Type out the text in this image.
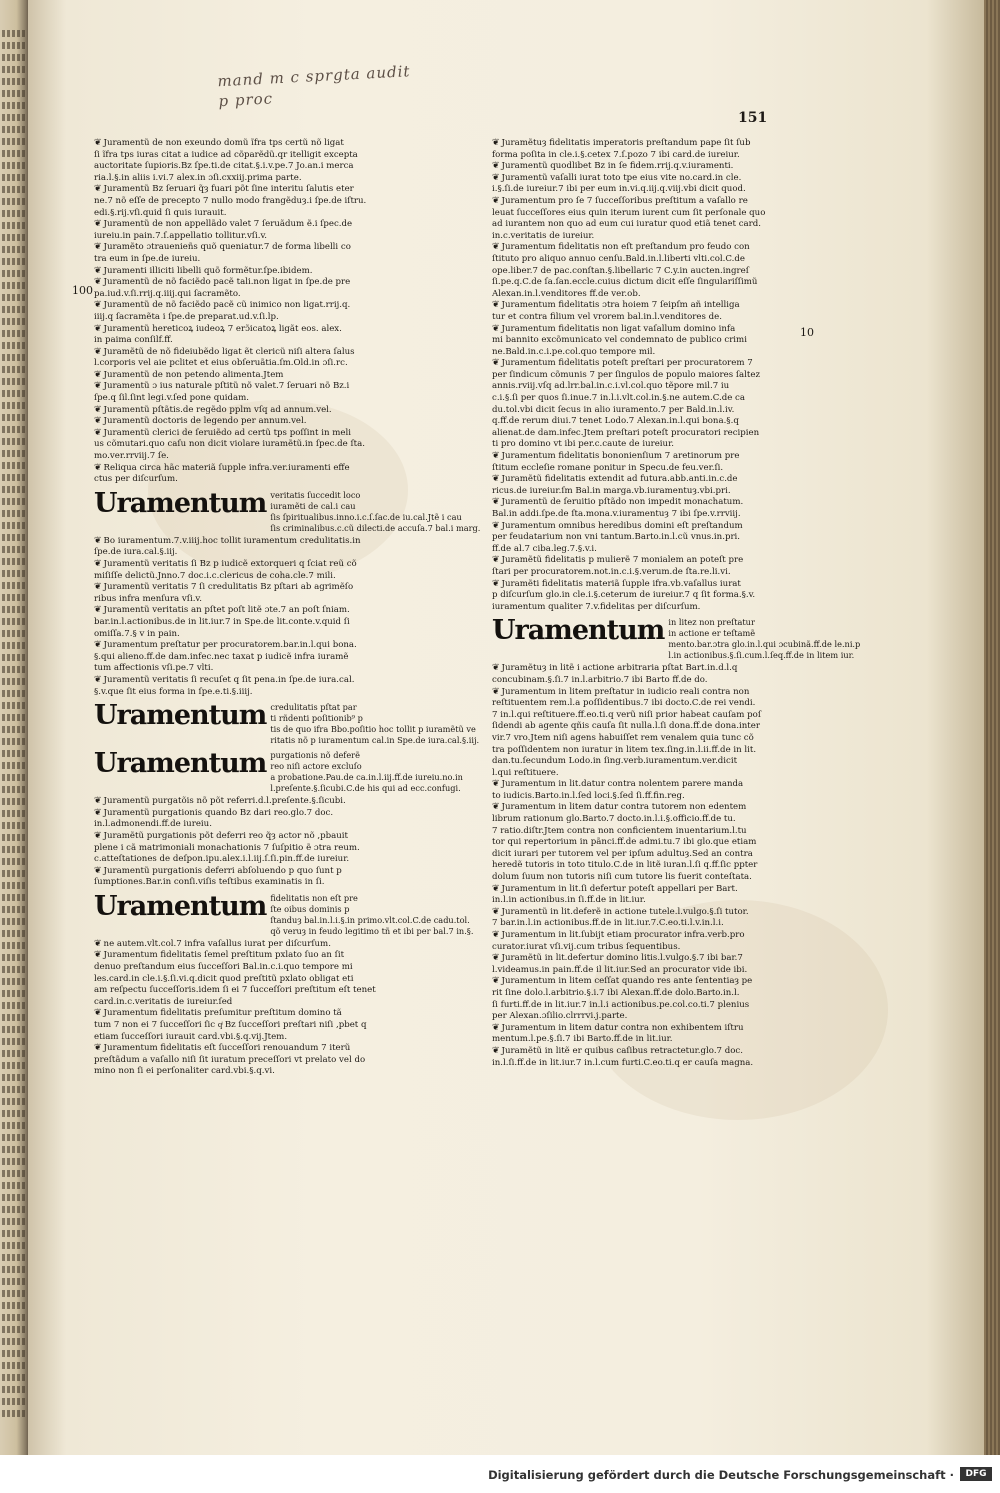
mand m c sprgta audit p proc
151
100
10
❦ Juramentũ de non exeundo domũ ĩfra tps certũ nõ ligat
ſi ĩfra tps iuras citat a iudice ad cõparẽdũ.qr itelligit excepta
auctoritate ſupioris.Bz ſpe.ti.de citat.§.i.v.pe.7 Jo.an.i merca
ria.l.§.in aliis i.vi.7 alex.in ɔſi.cxxiij.prima parte.
❦ Juramentũ Bz ſeruari q̃ȝ fuari põt ſine interitu ſalutis eter
ne.7 nõ eſſe de precepto 7 nullo modo frangẽduȝ.i ſpe.de iſtru.
edi.§.rij.vſi.quid ſi quis iurauit.
❦ Juramentũ de non appellãdo valet 7 ſeruãdum ẽ.i ſpec.de
iureiu.in pain.7.ſ.appellatio tollitur.vſi.v.
❦ Juramẽto ɔtrauenieñs quõ queniatur.7 de forma libelli co
tra eum in ſpe.de iureiu.
❦ Juramenti illiciti libelli quõ formẽtur.ſpe.ibidem.
❦ Juramentũ de nõ faciẽdo pacẽ tali.non ligat in ſpe.de pre
pa.iud.v.ſi.rrij.q.iiij.qui ſacramẽto.
❦ Juramentũ de nõ faciẽdo pacẽ cũ inimico non ligat.rrij.q.
iiij.q ſacramẽta i ſpe.de preparat.ud.v.ſi.lp.
❦ Juramentũ hereticoꝝ iudeoꝝ 7 erɔ̃icatoꝝ ligãt eos. alex.
in paima conſilf.ff.
❦ Juramẽtũ de nõ fideiubẽdo ligat ẽt clericũ niſi altera ſalus
l.corporis vel aie pclitet et eius obſeruãtia.ſm.Old.in ɔſi.rc.
❦ Juramentũ de non petendo alimenta.Jtem
❦ Juramentũ ɔ ius naturale pſtitũ nõ valet.7 ſeruari nõ Bz.i
ſpe.q ſil.ſint legi.v.ſed pone quidam.
❦ Juramentũ pſtãtis.de regẽdo pplm vſq ad annum.vel.
❦ Juramentũ doctoris de legendo per annum.vel.
❦ Juramentũ clerici de ſeruiẽdo ad certũ tps poſſint in meli
us cõmutari.quo caſu non dicit violare iuramẽtũ.in ſpec.de ſta.
mo.ver.rrviij.7 ſe.
❦ Reliqua circa hãc materiã ſupple infra.ver.iuramenti effe
ctus per diſcurſum.
Uramentum veritatis ſuccedit loco
iuramẽti de cal.i cau
ſis ſpiritualibus.inno.i.c.ſ.ſac.de iu.cal.Jtẽ i cau
ſis criminalibus.c.cũ dilecti.de accuſa.7 bal.i marg.
❦ Bo iuramentum.7.v.iiij.hoc tollit iuramentum credulitatis.in
ſpe.de iura.cal.§.iij.
❦ Juramentũ veritatis ſi Bz p iudicẽ extorqueri q ſciat reũ cõ
miſiſſe delictũ.Jnno.7 doc.i.c.clericus de coha.cle.7 mili.
❦ Juramentũ veritatis 7 ſi credulitatis Bz pſtari ab agrimẽſo
ribus infra menſura vſi.v.
❦ Juramentũ veritatis an pſtet poſt litẽ ɔte.7 an poſt ſniam.
bar.in.l.actionibus.de in lit.iur.7 in Spe.de lit.conte.v.quid ſi
omiſſa.7.§ v in pain.
❦ Juramentum preſtatur per procuratorem.bar.in.l.qui bona.
§.qui alieno.ff.de dam.infec.nec taxat p iudicẽ infra iuramẽ
tum affectionis vſi.pe.7 vlti.
❦ Juramentũ veritatis ſi recuſet q ſit pena.in ſpe.de iura.cal.
§.v.que ſit eius forma in ſpe.e.ti.§.iiij.
Uramentum credulitatis pſtat par
ti rñdenti poſitionib⁹ p
tis de quo ifra Bbo.poſitio hoc tollit p iuramẽtũ ve
ritatis nõ p iuramentum cal.in Spe.de iura.cal.§.iij.
Uramentum purgationis nõ deferẽ
reo niſi actore excluſo
a probatione.Pau.de ca.in.l.iij.ff.de iureiu.no.in
l.preſente.§.ſicubi.C.de his qui ad ecc.confugi.
❦ Juramentũ purgatõis nõ põt referri.d.l.preſente.§.ſicubi.
❦ Juramentũ purgationis quando Bz dari reo.glo.7 doc.
in.l.admonendi.ff.de iureiu.
❦ Juramẽtũ purgationis põt deferri reo q̃ȝ actor nõ ,pbauit
plene i cã matrimoniali monachationis 7 ſuſpitio ẽ ɔtra reum.
c.atteſtationes de deſpon.ipu.alex.i.l.iij.ſ.ſi.pin.ff.de iureiur.
❦ Juramentũ purgationis deferri abſoluendo p quo ſunt p
ſumptiones.Bar.in conſi.viſis teſtibus examinatis in ſi.
Uramentum fidelitatis non eſt pre
ſte oibus dominis p
ſtanduȝ bal.in.l.i.§.in primo.vlt.col.C.de cadu.tol.
qõ veruȝ in feudo legitimo tñ et ibi per bal.7 in.§.
❦ ne autem.vlt.col.7 infra vaſallus iurat per diſcurſum.
❦ Juramentum fidelitatis ſemel preſtitum pxlato ſuo an ſit
denuo preſtandum eius ſucceſſori Bal.in.c.i.quo tempore mi
les.card.in cle.i.§.ſi.vi.q.dicit quod preſtitũ pxlato obligat eti
am reſpectu ſucceſſoris.idem ſi ei 7 ſucceſſori preſtitum eſt tenet
card.in.c.veritatis de iureiur.ſed
❦ Juramentum fidelitatis preſumitur preſtitum domino tã
tum 7 non ei 7 ſucceſſori ſic qͥ Bz ſucceſſori preſtari niſi ,pbet q
etiam ſucceſſori iurauit card.vbi.§.q.vij.Jtem.
❦ Juramentum fidelitatis eſt ſucceſſori renouandum 7 iterũ
preſtãdum a vaſallo niſi ſit iuratum preceſſori vt prelato vel do
mino non ſi ei perſonaliter card.vbi.§.q.vi.
❦ Juramẽtuȝ fidelitatis imperatoris preſtandum pape ſit ſub
forma poſita in cle.i.§.cetex 7.ſ.pozo 7 ibi card.de iureiur.
❦ Juramentũ quodlibet Bz in ſe fidem.rrij.q.v.iuramenti.
❦ Juramentũ vaſalli iurat toto tpe eius vite no.card.in cle.
i.§.ſi.de iureiur.7 ibi per eum in.vi.q.iij.q.viij.vbi dicit quod.
❦ Juramentum pro ſe 7 ſucceſſoribus preſtitum a vaſallo re
leuat ſucceſſores eius quin iterum iurent cum ſit perſonale quo
ad iurantem non quo ad eum cui iuratur quod etiã tenet card.
in.c.veritatis de iureiur.
❦ Juramentum fidelitatis non eſt preſtandum pro feudo con
ſtituto pro aliquo annuo cenſu.Bald.in.l.liberti vlti.col.C.de
ope.liber.7 de pac.conſtan.§.libellaric 7 C.y.in aucten.ingreſ
ſi.pe.q.C.de ſa.ſan.eccle.cuius dictum dicit eſſe ſingulariſſimũ
Alexan.in.l.venditores ff.de ver.ob.
❦ Juramentum fidelitatis ɔtra hoiem 7 ſeipſm añ intelliga
tur et contra filium vel vrorem bal.in.l.venditores de.
❦ Juramentum fidelitatis non ligat vaſallum domino infa
mi bannito excõmunicato vel condemnato de publico crimi
ne.Bald.in.c.i.pe.col.quo tempore mil.
❦ Juramentum fidelitatis poteſt preſtari per procuratorem 7
per ſindicum cõmunis 7 per ſingulos de populo maiores ſaltez
annis.rviij.vſq ad.lrr.bal.in.c.i.vl.col.quo tẽpore mil.7 iu
c.i.§.ſi per quos ſi.inue.7 in.l.i.vlt.col.in.§.ne autem.C.de ca
du.tol.vbi dicit ſecus in alio iuramento.7 per Bald.in.l.iv.
q.ff.de rerum diui.7 tenet Lodo.7 Alexan.in.l.qui bona.§.q
alienat.de dam.infec.Jtem preſtari poteſt procuratori recipien
ti pro domino vt ibi per.c.caute de iureiur.
❦ Juramentum fidelitatis bononienſium 7 aretinorum pre
ſtitum eccleſie romane ponitur in Specu.de feu.ver.ſi.
❦ Juramẽtũ fidelitatis extendit ad futura.abb.anti.in.c.de
ricus.de iureiur.ſm Bal.in marga.vb.iuramentuȝ.vbi.pri.
❦ Juramentũ de ſeruitio pſtãdo non impedit monachatum.
Bal.in addi.ſpe.de ſta.mona.v.iuramentuȝ 7 ibi ſpe.v.rrviij.
❦ Juramentum omnibus heredibus domini eſt preſtandum
per feudatarium non vni tantum.Barto.in.l.cũ vnus.in.pri.
ff.de al.7 ciba.leg.7.§.v.i.
❦ Juramẽtũ fidelitatis p mulierẽ 7 monialem an poteſt pre
ſtari per procuratorem.not.in.c.i.§.verum.de ſta.re.li.vi.
❦ Juramẽti fidelitatis materiã ſupple ifra.vb.vaſallus iurat
p diſcurſum glo.in cle.i.§.ceterum de iureiur.7 q ſit forma.§.v.
iuramentum qualiter 7.v.fidelitas per diſcurſum.
Uramentum in litez non preſtatur
in actione er teſtamẽ
mento.bar.ɔtra glo.in.l.qui ɔcubinã.ff.de le.ni.p
l.in actionibus.§.ſi.cum.l.ſeq.ff.de in litem iur.
❦ Juramẽtuȝ in litẽ i actione arbitraria pſtat Bart.in.d.l.q
concubinam.§.ſi.7 in.l.arbitrio.7 ibi Barto ff.de do.
❦ Juramentum in litem preſtatur in iudicio reali contra non
reſtituentem rem.l.a poſſidentibus.7 ibi docto.C.de rei vendi.
7 in.l.qui reſtituere.ff.eo.ti.q verũ niſi prior habeat cauſam poſ
ſidendi ab agente qñis cauſa ſit nulla.l.ſi dona.ff.de dona.inter
vir.7 vro.Jtem niſi agens habuiſſet rem venalem quia tunc cõ
tra poſſidentem non iuratur in litem tex.ſing.in.l.ii.ff.de in lit.
dan.tu.ſecundum Lodo.in ſing.verb.iuramentum.ver.dicit
l.qui reſtituere.
❦ Juramentum in lit.datur contra nolentem parere manda
to iudicis.Barto.in.l.ſed loci.§.ſed ſi.ff.fin.reg.
❦ Juramentum in litem datur contra tutorem non edentem
librum rationum glo.Barto.7 docto.in.l.i.§.officio.ff.de tu.
7 ratio.diſtr.Jtem contra non conficientem inuentarium.l.tu
tor qui repertorium in pãnci.ff.de admi.tu.7 ibi glo.que etiam
dicit iurari per tutorem vel per ipſum adultuȝ.Sed an contra
heredẽ tutoris in toto titulo.C.de in litẽ iuran.l.ſi q.ff.ſic ppter
dolum ſuum non tutoris niſi cum tutore lis fuerit conteſtata.
❦ Juramentum in lit.ſi defertur poteſt appellari per Bart.
in.l.in actionibus.in ſi.ff.de in lit.iur.
❦ Juramentũ in lit.deferẽ in actione tutele.l.vulgo.§.ſi tutor.
7 bar.in.l.in actionibus.ff.de in lit.iur.7.C.eo.ti.l.v.in.l.i.
❦ Juramentum in lit.ſubijt etiam procurator infra.verb.pro
curator.iurat vſi.vij.cum tribus ſequentibus.
❦ Juramẽtũ in lit.defertur domino litis.l.vulgo.§.7 ibi bar.7
l.videamus.in pain.ff.de il lit.iur.Sed an procurator vide ibi.
❦ Juramentum in litem ceſſat quando res ante ſententiaȝ pe
rit ſine dolo.l.arbitrio.§.i.7 ibi Alexan.ff.de dolo.Barto.in.l.
ſi furti.ff.de in lit.iur.7 in.l.i actionibus.pe.col.co.ti.7 plenius
per Alexan.ɔſilio.clrrrvi.j.parte.
❦ Juramentum in litem datur contra non exhibentem iſtru
mentum.l.pe.§.ſi.7 ibi Barto.ff.de in lit.iur.
❦ Juramẽtũ in litẽ er quibus caſibus retractetur.glo.7 doc.
in.l.ſi.ff.de in lit.iur.7 in.l.cum furti.C.eo.ti.q er cauſa magna.
Digitalisierung gefördert durch die Deutsche Forschungsgemeinschaft ·	DFG
